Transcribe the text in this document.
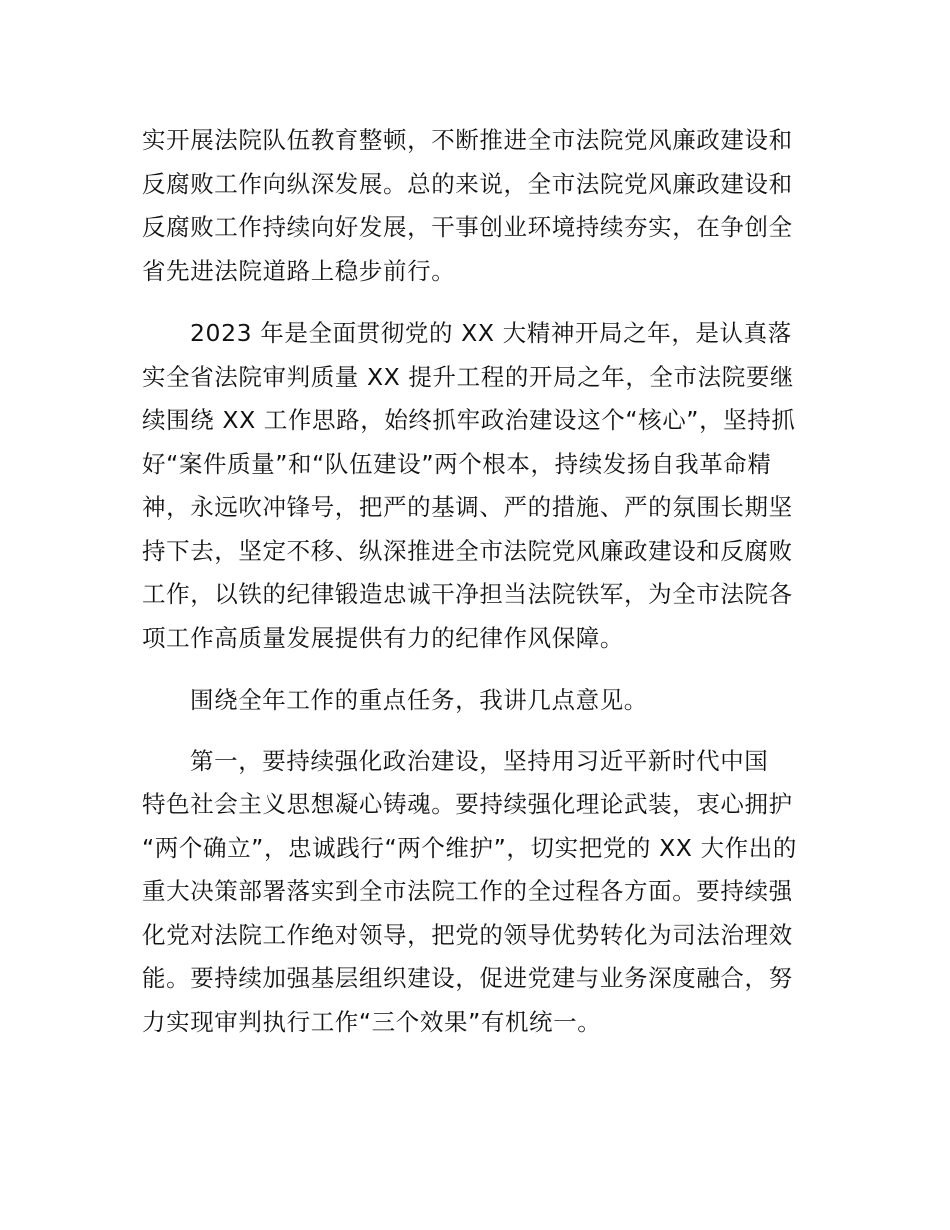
实开展法院队伍教育整顿，不断推进全市法院党风廉政建设和
反腐败工作向纵深发展。总的来说，全市法院党风廉政建设和
反腐败工作持续向好发展，干事创业环境持续夯实，在争创全
省先进法院道路上稳步前行。

2023 年是全面贯彻党的 XX 大精神开局之年，是认真落
实全省法院审判质量 XX 提升工程的开局之年，全市法院要继
续围绕 XX 工作思路，始终抓牢政治建设这个“核心”，坚持抓
好“案件质量”和“队伍建设”两个根本，持续发扬自我革命精
神，永远吹冲锋号，把严的基调、严的措施、严的氛围长期坚
持下去，坚定不移、纵深推进全市法院党风廉政建设和反腐败
工作，以铁的纪律锻造忠诚干净担当法院铁军，为全市法院各
项工作高质量发展提供有力的纪律作风保障。

围绕全年工作的重点任务，我讲几点意见。

第一，要持续强化政治建设，坚持用习近平新时代中国
特色社会主义思想凝心铸魂。要持续强化理论武装，衷心拥护
“两个确立”，忠诚践行“两个维护”，切实把党的 XX 大作出的
重大决策部署落实到全市法院工作的全过程各方面。要持续强
化党对法院工作绝对领导，把党的领导优势转化为司法治理效
能。要持续加强基层组织建设，促进党建与业务深度融合，努
力实现审判执行工作“三个效果”有机统一。
